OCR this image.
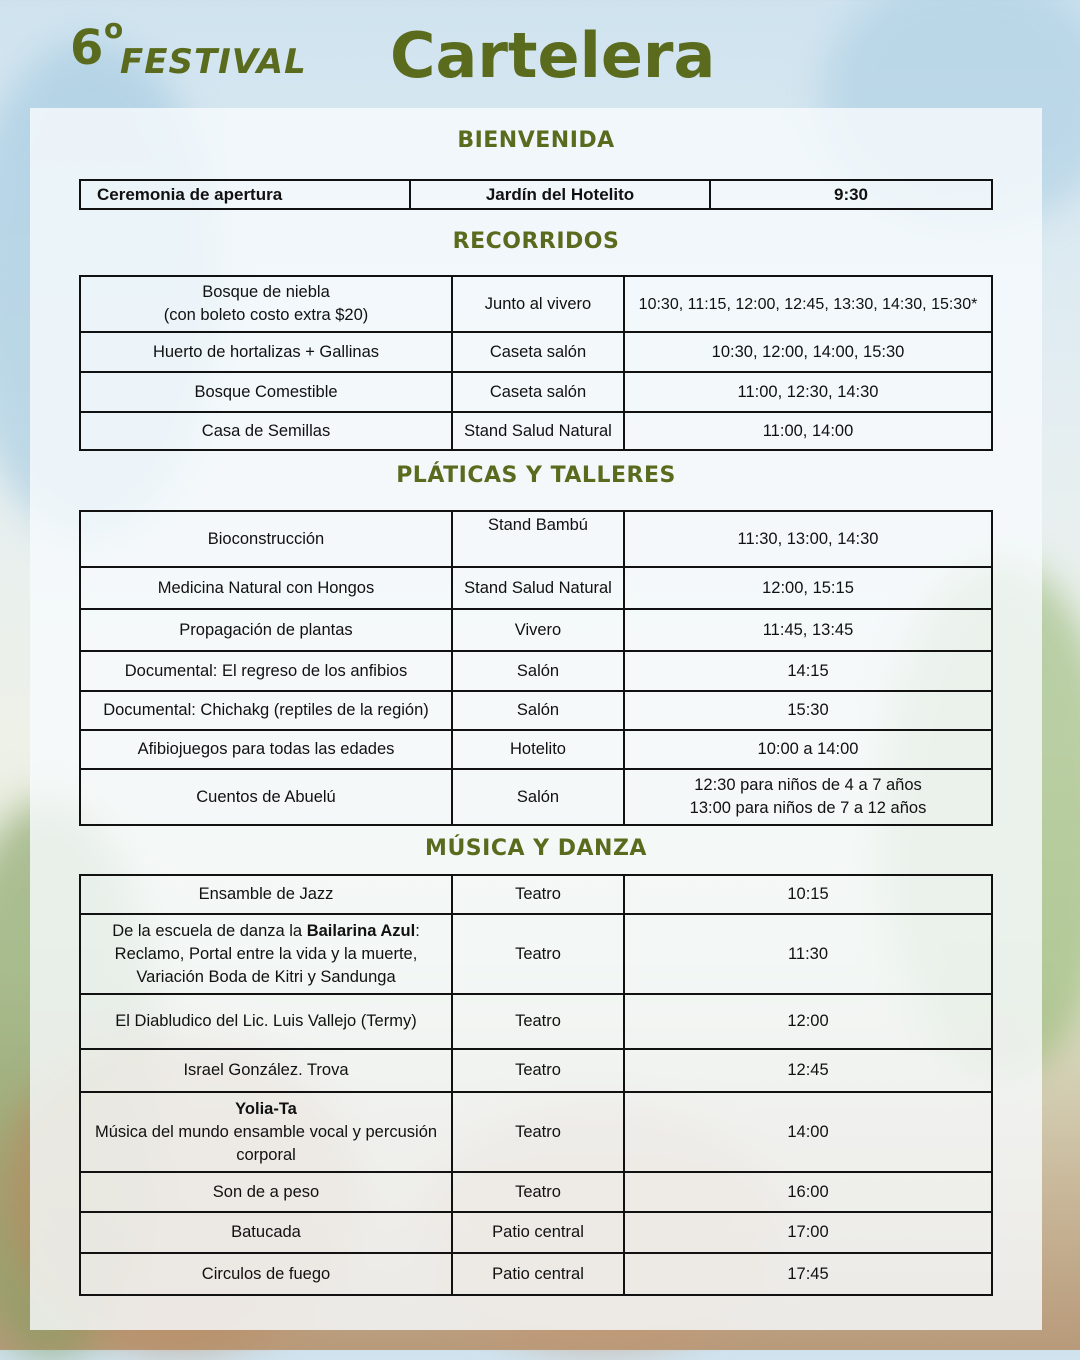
6 o
FESTIVAL Cartelera
BIENVENIDA
Ceremonia de apertura	Jardín del Hotelito	9:30
RECORRIDOS
Bosque de niebla
(con boleto costo extra $20)	Junto al vivero	10:30, 11:15, 12:00, 12:45, 13:30, 14:30, 15:30*
Huerto de hortalizas + Gallinas	Caseta salón	10:30, 12:00, 14:00, 15:30
Bosque Comestible	Caseta salón	11:00, 12:30, 14:30
Casa de Semillas	Stand Salud Natural	11:00, 14:00
PLÁTICAS Y TALLERES
Bioconstrucción	Stand Bambú	11:30, 13:00, 14:30
Medicina Natural con Hongos	Stand Salud Natural	12:00, 15:15
Propagación de plantas	Vivero	11:45, 13:45
Documental: El regreso de los anfibios	Salón	14:15
Documental: Chichakg (reptiles de la región)	Salón	15:30
Afibiojuegos para todas las edades	Hotelito	10:00 a 14:00
Cuentos de Abuelú	Salón	12:30 para niños de 4 a 7 años
13:00 para niños de 7 a 12 años
MÚSICA Y DANZA
Ensamble de Jazz	Teatro	10:15

De la escuela de danza la Bailarina Azul:
Reclamo, Portal entre la vida y la muerte,
Variación Boda de Kitri y Sandunga	Teatro	11:30
El Diabludico del Lic. Luis Vallejo (Termy)	Teatro	12:00
Israel González. Trova	Teatro	12:45

Yolia-Ta
Música del mundo ensamble vocal y percusión
corporal	Teatro	14:00
Son de a peso	Teatro	16:00
Batucada	Patio central	17:00
Circulos de fuego	Patio central	17:45
